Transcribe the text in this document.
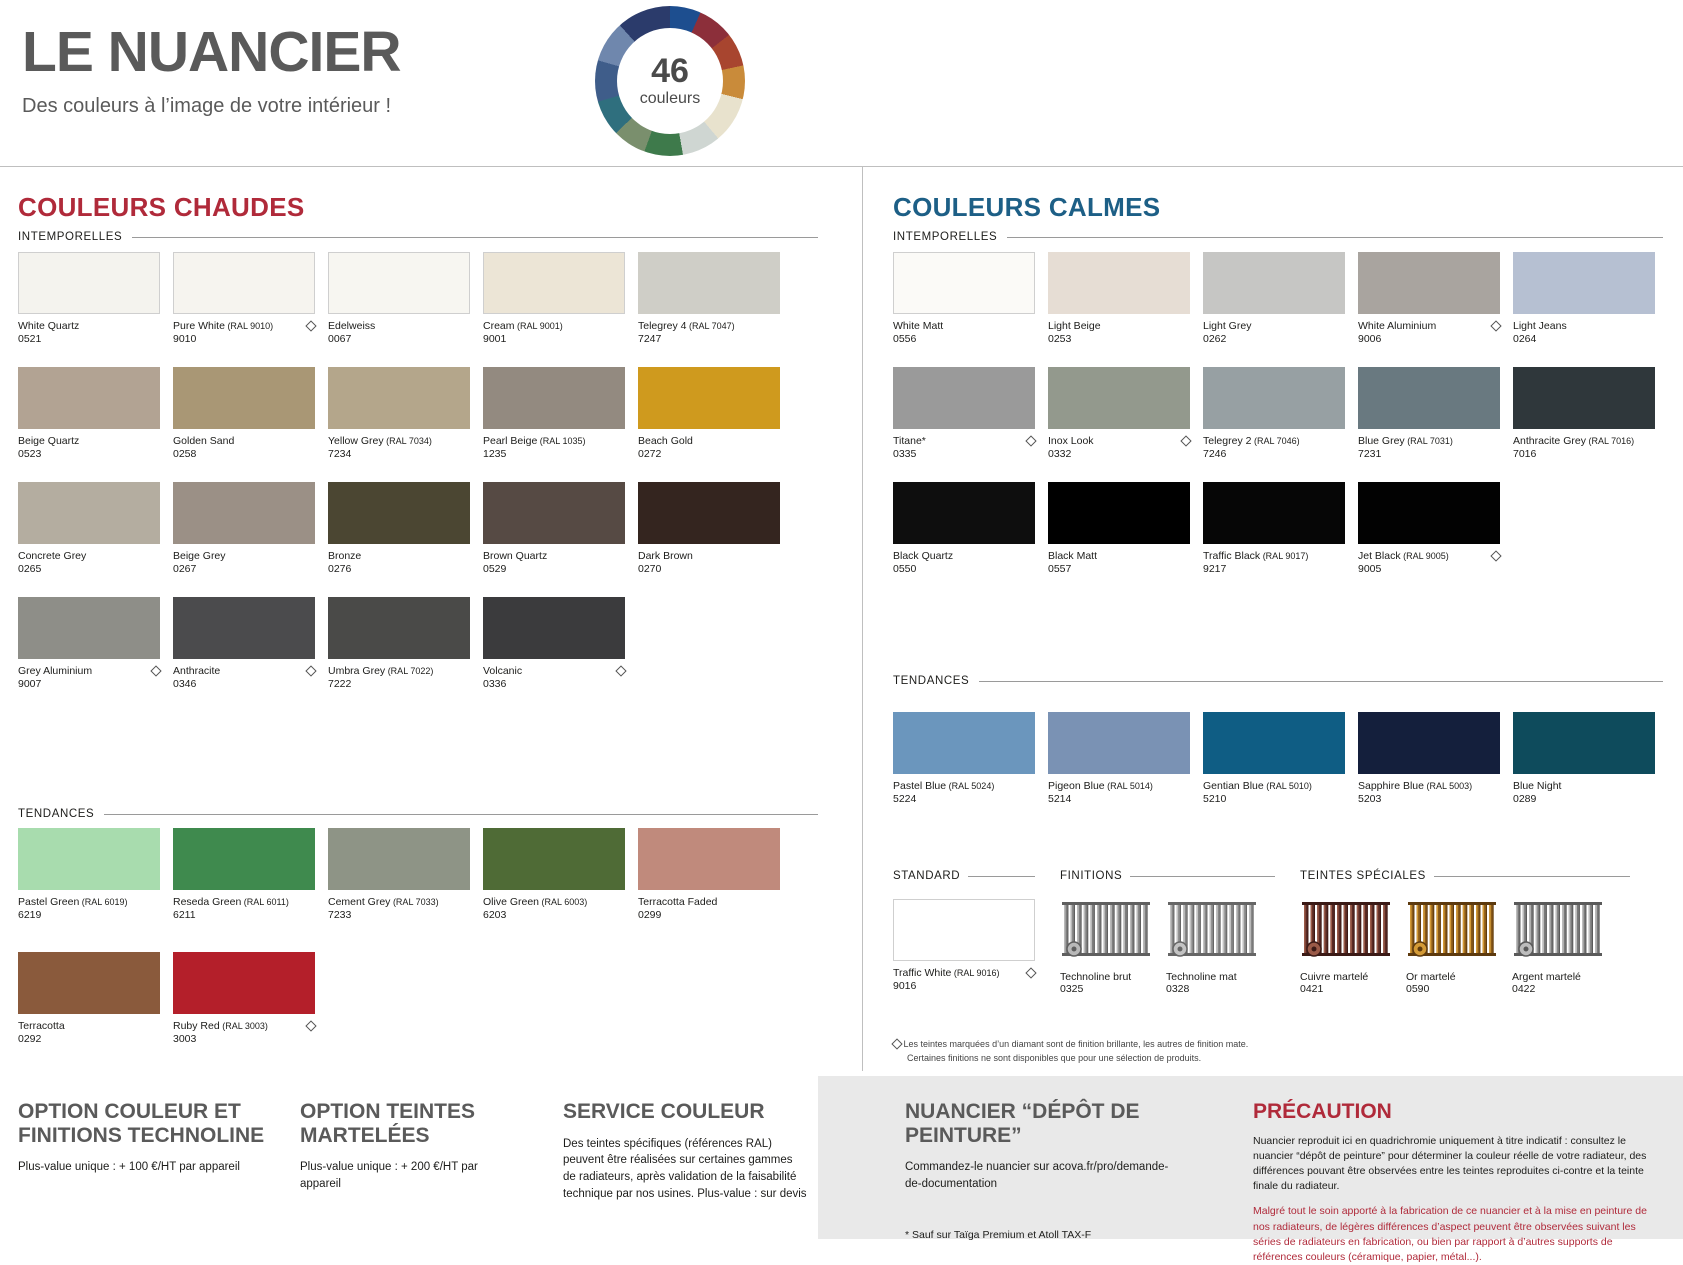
LE NUANCIER
Des couleurs à l’image de votre intérieur !
46
couleurs
COULEURS CHAUDES
INTEMPORELLES
White Quartz
0521
Pure White (RAL 9010)
9010
Edelweiss
0067
Cream (RAL 9001)
9001
Telegrey 4 (RAL 7047)
7247
Beige Quartz
0523
Golden Sand
0258
Yellow Grey (RAL 7034)
7234
Pearl Beige (RAL 1035)
1235
Beach Gold
0272
Concrete Grey
0265
Beige Grey
0267
Bronze
0276
Brown Quartz
0529
Dark Brown
0270
Grey Aluminium
9007
Anthracite
0346
Umbra Grey (RAL 7022)
7222
Volcanic
0336
TENDANCES
Pastel Green (RAL 6019)
6219
Reseda Green (RAL 6011)
6211
Cement Grey (RAL 7033)
7233
Olive Green (RAL 6003)
6203
Terracotta Faded
0299
Terracotta
0292
Ruby Red (RAL 3003)
3003
COULEURS CALMES
INTEMPORELLES
White Matt
0556
Light Beige
0253
Light Grey
0262
White Aluminium
9006
Light Jeans
0264
Titane*
0335
Inox Look
0332
Telegrey 2 (RAL 7046)
7246
Blue Grey (RAL 7031)
7231
Anthracite Grey (RAL 7016)
7016
Black Quartz
0550
Black Matt
0557
Traffic Black (RAL 9017)
9217
Jet Black (RAL 9005)
9005
TENDANCES
Pastel Blue (RAL 5024)
5224
Pigeon Blue (RAL 5014)
5214
Gentian Blue (RAL 5010)
5210
Sapphire Blue (RAL 5003)
5203
Blue Night
0289
STANDARD
Traffic White (RAL 9016)
9016
FINITIONS
Technoline brut
0325
Technoline mat
0328
TEINTES SPÉCIALES
Cuivre martelé
0421
Or martelé
0590
Argent martelé
0422
Les teintes marquées d’un diamant sont de finition brillante, les autres de finition mate.
Certaines finitions ne sont disponibles que pour une sélection de produits.
OPTION COULEUR ET FINITIONS TECHNOLINE
Plus-value unique : + 100 €/HT par appareil
OPTION TEINTES MARTELÉES
Plus-value unique : + 200 €/HT par appareil
SERVICE COULEUR
Des teintes spécifiques (références RAL) peuvent être réalisées sur certaines gammes de radiateurs, après validation de la faisabilité technique par nos usines. Plus-value : sur devis
NUANCIER “DÉPÔT DE PEINTURE”
Commandez-le nuancier sur acova.fr/pro/demande-de-documentation
* Sauf sur Taïga Premium et Atoll TAX-F
PRÉCAUTION
Nuancier reproduit ici en quadrichromie uniquement à titre indicatif : consultez le nuancier “dépôt de peinture” pour déterminer la couleur réelle de votre radiateur, des différences pouvant être observées entre les teintes reproduites ci-contre et la teinte finale du radiateur.
Malgré tout le soin apporté à la fabrication de ce nuancier et à la mise en peinture de nos radiateurs, de légères différences d’aspect peuvent être observées suivant les séries de radiateurs en fabrication, ou bien par rapport à d’autres supports de références couleurs (céramique, papier, métal...).
